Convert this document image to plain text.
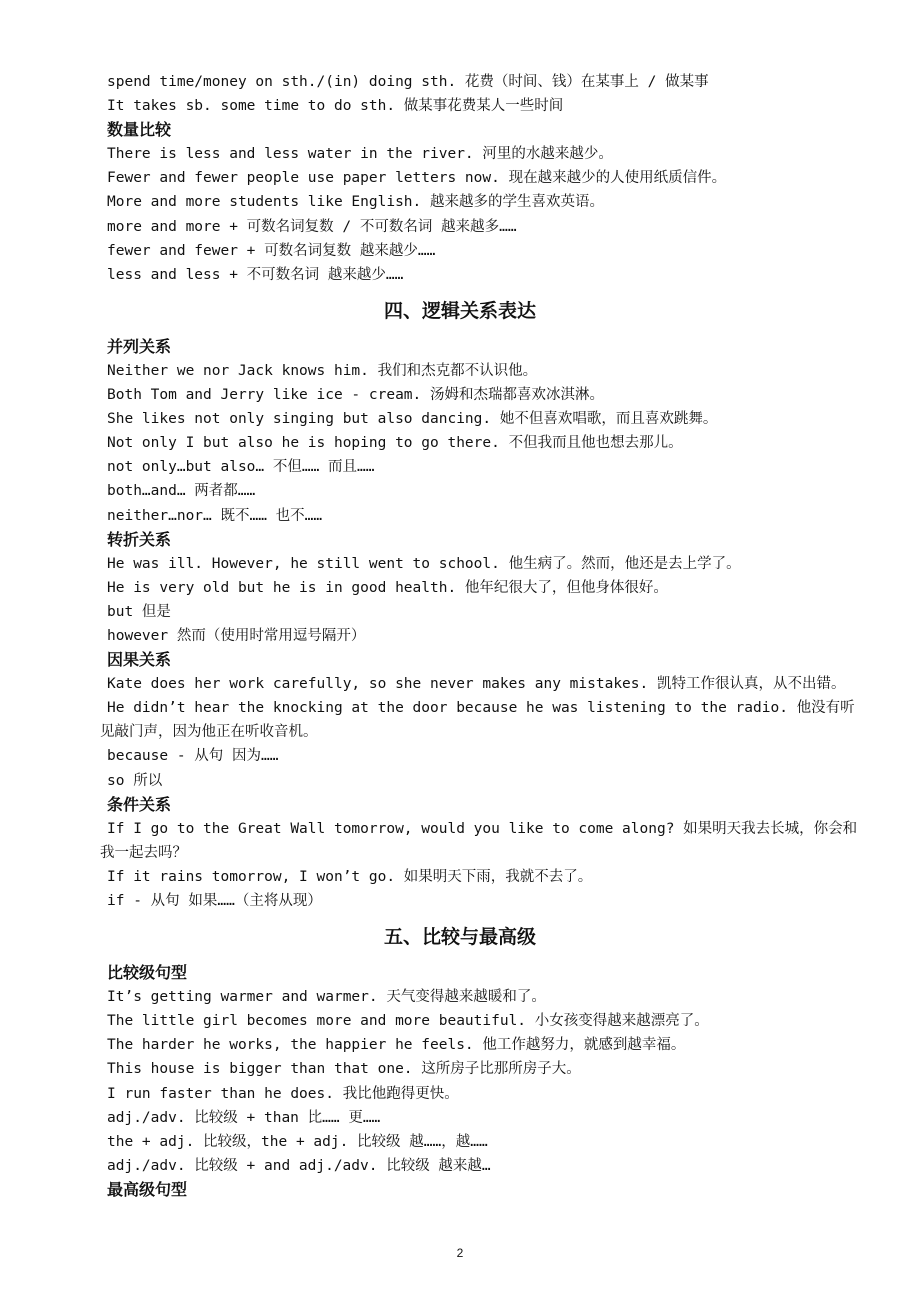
spend time/money on sth./(in) doing sth. 花费（时间、钱）在某事上 / 做某事
It takes sb. some time to do sth. 做某事花费某人一些时间
数量比较
There is less and less water in the river. 河里的水越来越少。
Fewer and fewer people use paper letters now. 现在越来越少的人使用纸质信件。
More and more students like English. 越来越多的学生喜欢英语。
more and more + 可数名词复数 / 不可数名词 越来越多……
fewer and fewer + 可数名词复数 越来越少……
less and less + 不可数名词 越来越少……
四、逻辑关系表达
并列关系
Neither we nor Jack knows him. 我们和杰克都不认识他。
Both Tom and Jerry like ice - cream. 汤姆和杰瑞都喜欢冰淇淋。
She likes not only singing but also dancing. 她不但喜欢唱歌，而且喜欢跳舞。
Not only I but also he is hoping to go there. 不但我而且他也想去那儿。
not only…but also… 不但…… 而且……
both…and… 两者都……
neither…nor… 既不…… 也不……
转折关系
He was ill. However, he still went to school. 他生病了。然而，他还是去上学了。
He is very old but he is in good health. 他年纪很大了，但他身体很好。
but 但是
however 然而（使用时常用逗号隔开）
因果关系
Kate does her work carefully, so she never makes any mistakes. 凯特工作很认真，从不出错。
He didn’t hear the knocking at the door because he was listening to the radio. 他没有听见敲门声，因为他正在听收音机。
because - 从句 因为……
so 所以
条件关系
If I go to the Great Wall tomorrow, would you like to come along? 如果明天我去长城，你会和我一起去吗？
If it rains tomorrow, I won’t go. 如果明天下雨，我就不去了。
if - 从句 如果……（主将从现）
五、比较与最高级
比较级句型
It’s getting warmer and warmer. 天气变得越来越暖和了。
The little girl becomes more and more beautiful. 小女孩变得越来越漂亮了。
The harder he works, the happier he feels. 他工作越努力，就感到越幸福。
This house is bigger than that one. 这所房子比那所房子大。
I run faster than he does. 我比他跑得更快。
adj./adv. 比较级 + than 比…… 更……
the + adj. 比较级，the + adj. 比较级 越……，越……
adj./adv. 比较级 + and adj./adv. 比较级 越来越…
最高级句型
2
